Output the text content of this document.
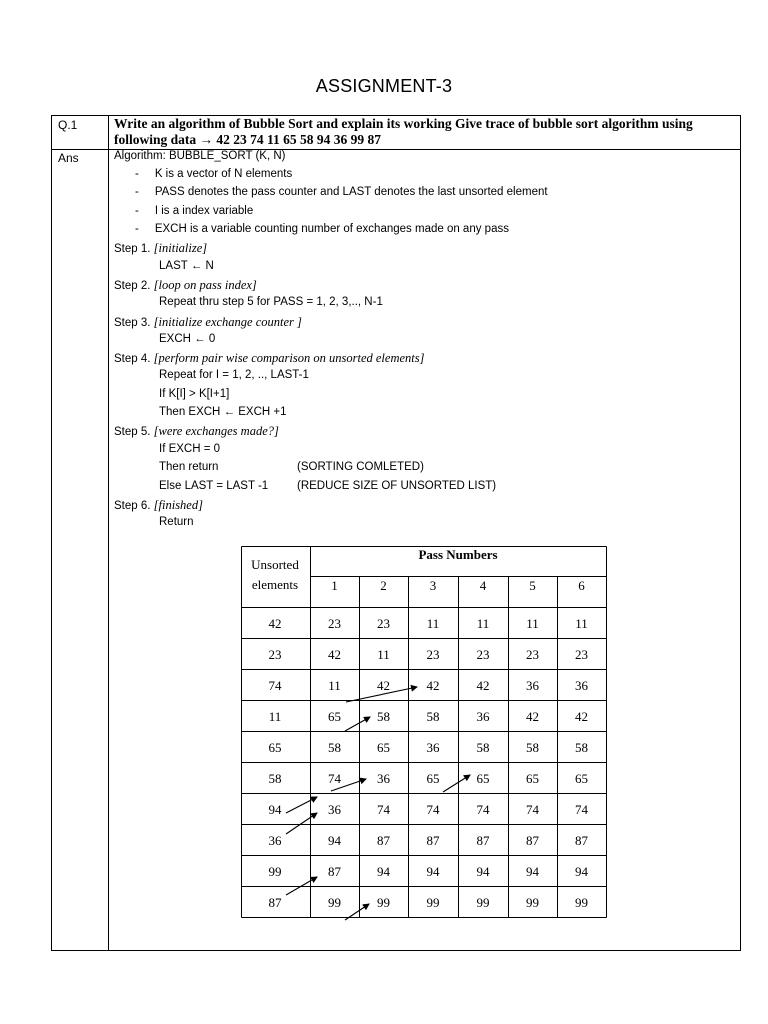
ASSIGNMENT-3
Q.1	Write an algorithm of Bubble Sort and explain its working Give trace of bubble sort algorithm using following data → 42 23 74 11 65 58 94 36 99 87
Ans	Algorithm: BUBBLE_SORT (K, N)
-     K is a vector of N elements
-     PASS denotes the pass counter and LAST denotes the last unsorted element
-     I is a index variable
-     EXCH is a variable counting number of exchanges made on any pass
Step 1. [initialize]
LAST ← N
Step 2. [loop on pass index]
Repeat thru step 5 for PASS = 1, 2, 3,.., N-1
Step 3. [initialize exchange counter ]
EXCH ← 0
Step 4. [perform pair wise comparison on unsorted elements]
Repeat for I = 1, 2, .., LAST-1
If K[I] > K[I+1]
Then EXCH ← EXCH +1
Step 5. [were exchanges made?]
If EXCH = 0
Then return	(SORTING COMLETED)
Else LAST = LAST -1	(REDUCE SIZE OF UNSORTED LIST)
Step 6. [finished]
Return
Pass Numbers
Unsorted
elements	1	2	3	4	5	6
42	23	23	11	11	11	11
23	42	11	23	23	23	23
74	11	42	42	42	36	36
11	65	58	58	36	42	42
65	58	65	36	58	58	58
58	74	36	65	65	65	65
94	36	74	74	74	74	74
36	94	87	87	87	87	87
99	87	94	94	94	94	94
87	99	99	99	99	99	99
